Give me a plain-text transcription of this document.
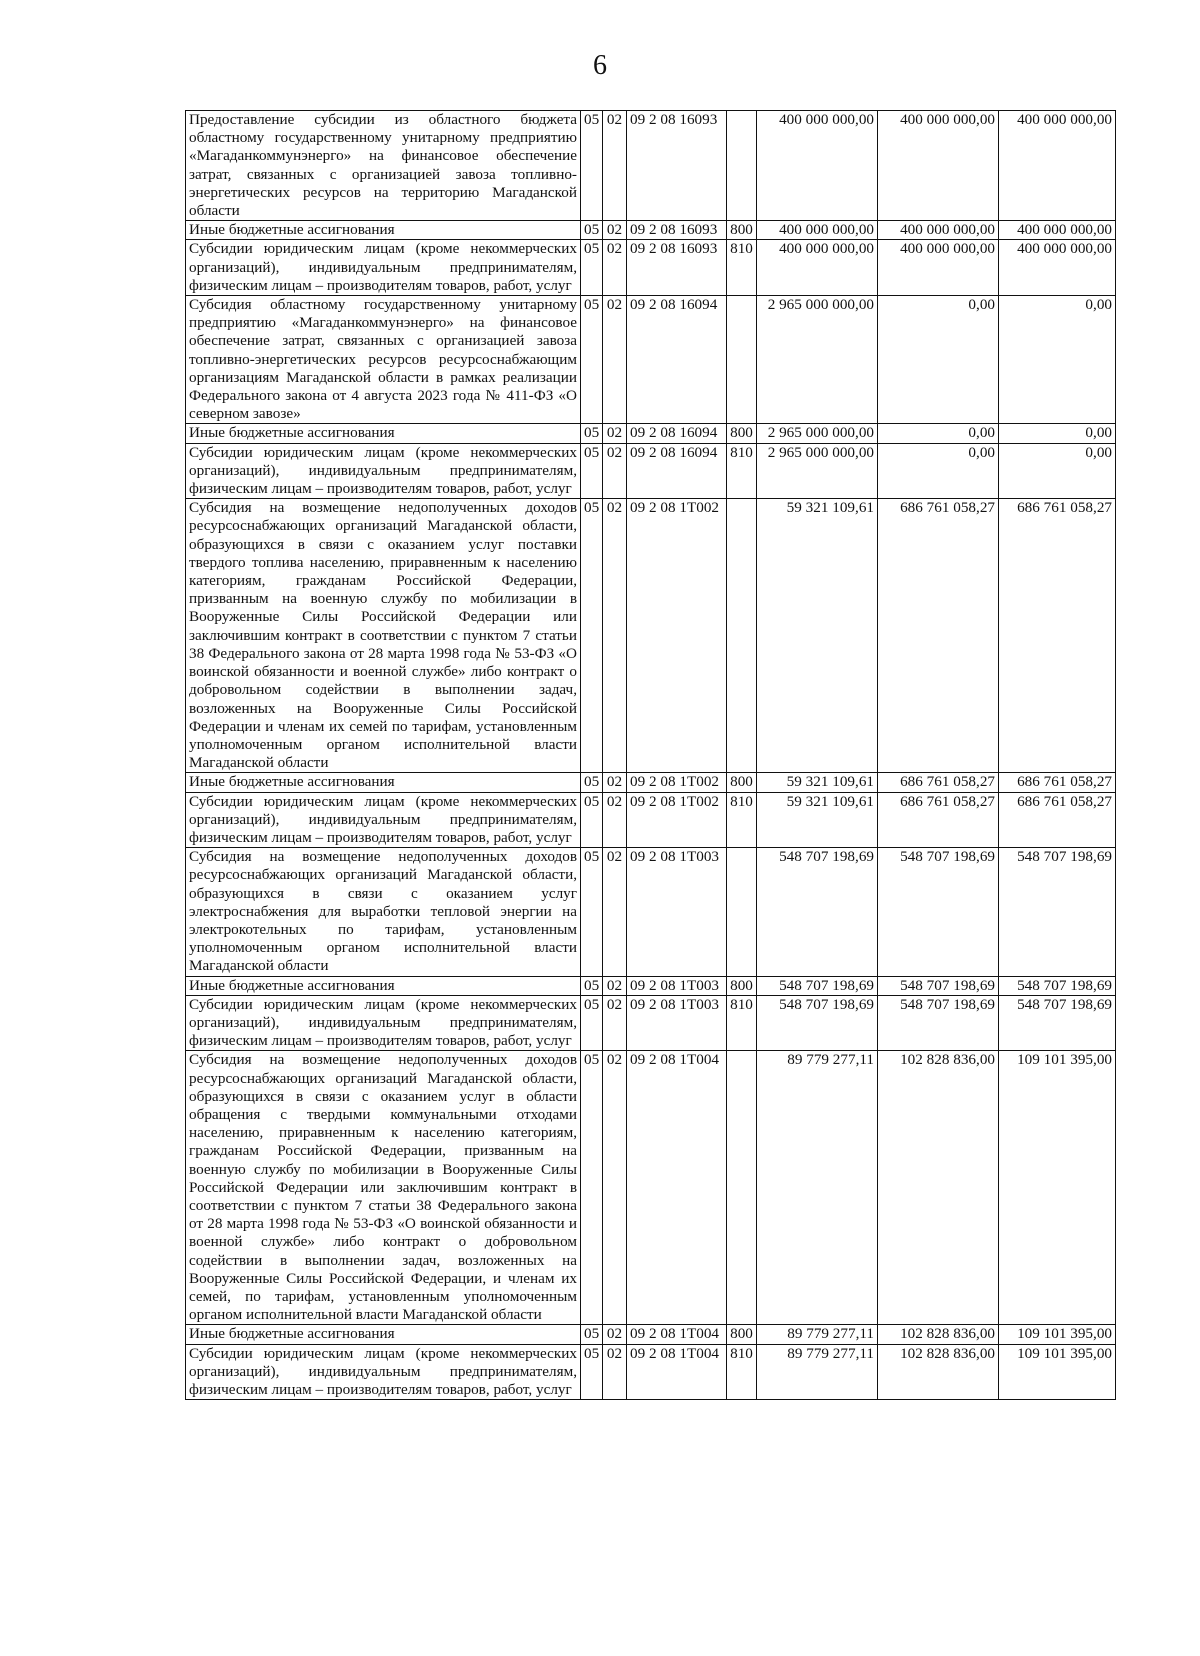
6
Предоставление субсидии из областного бюджета областному государственному унитарному предприятию «Магаданкоммунэнерго» на финансовое обеспечение затрат, связанных с организацией завоза топливно-энергетических ресурсов на территорию Магаданской области	05	02	09 2 08 16093		400 000 000,00	400 000 000,00	400 000 000,00
Иные бюджетные ассигнования	05	02	09 2 08 16093	800	400 000 000,00	400 000 000,00	400 000 000,00
Субсидии юридическим лицам (кроме некоммерческих организаций), индивидуальным предпринимателям, физическим лицам – производителям товаров, работ, услуг	05	02	09 2 08 16093	810	400 000 000,00	400 000 000,00	400 000 000,00
Субсидия областному государственному унитарному предприятию «Магаданкоммунэнерго» на финансовое обеспечение затрат, связанных с организацией завоза топливно-энергетических ресурсов ресурсоснабжающим организациям Магаданской области в рамках реализации Федерального закона от 4 августа 2023 года № 411-ФЗ «О северном завозе»	05	02	09 2 08 16094		2 965 000 000,00	0,00	0,00
Иные бюджетные ассигнования	05	02	09 2 08 16094	800	2 965 000 000,00	0,00	0,00
Субсидии юридическим лицам (кроме некоммерческих организаций), индивидуальным предпринимателям, физическим лицам – производителям товаров, работ, услуг	05	02	09 2 08 16094	810	2 965 000 000,00	0,00	0,00
Субсидия на возмещение недополученных доходов ресурсоснабжающих организаций Магаданской области, образующихся в связи с оказанием услуг поставки твердого топлива населению, приравненным к населению категориям, гражданам Российской Федерации, призванным на военную службу по мобилизации в Вооруженные Силы Российской Федерации или заключившим контракт в соответствии с пунктом 7 статьи 38 Федерального закона от 28 марта 1998 года № 53-ФЗ «О воинской обязанности и военной службе» либо контракт о добровольном содействии в выполнении задач, возложенных на Вооруженные Силы Российской Федерации и членам их семей по тарифам, установленным уполномоченным органом исполнительной власти Магаданской области	05	02	09 2 08 1Т002		59 321 109,61	686 761 058,27	686 761 058,27
Иные бюджетные ассигнования	05	02	09 2 08 1Т002	800	59 321 109,61	686 761 058,27	686 761 058,27
Субсидии юридическим лицам (кроме некоммерческих организаций), индивидуальным предпринимателям, физическим лицам – производителям товаров, работ, услуг	05	02	09 2 08 1Т002	810	59 321 109,61	686 761 058,27	686 761 058,27
Субсидия на возмещение недополученных доходов ресурсоснабжающих организаций Магаданской области, образующихся в связи с оказанием услуг электроснабжения для выработки тепловой энергии на электрокотельных по тарифам, установленным уполномоченным органом исполнительной власти Магаданской области	05	02	09 2 08 1Т003		548 707 198,69	548 707 198,69	548 707 198,69
Иные бюджетные ассигнования	05	02	09 2 08 1Т003	800	548 707 198,69	548 707 198,69	548 707 198,69
Субсидии юридическим лицам (кроме некоммерческих организаций), индивидуальным предпринимателям, физическим лицам – производителям товаров, работ, услуг	05	02	09 2 08 1Т003	810	548 707 198,69	548 707 198,69	548 707 198,69
Субсидия на возмещение недополученных доходов ресурсоснабжающих организаций Магаданской области, образующихся в связи с оказанием услуг в области обращения с твердыми коммунальными отходами населению, приравненным к населению категориям, гражданам Российской Федерации, призванным на военную службу по мобилизации в Вооруженные Силы Российской Федерации или заключившим контракт в соответствии с пунктом 7 статьи 38 Федерального закона от 28 марта 1998 года № 53-ФЗ «О воинской обязанности и военной службе» либо контракт о добровольном содействии в выполнении задач, возложенных на Вооруженные Силы Российской Федерации, и членам их семей, по тарифам, установленным уполномоченным органом исполнительной власти Магаданской области	05	02	09 2 08 1Т004		89 779 277,11	102 828 836,00	109 101 395,00
Иные бюджетные ассигнования	05	02	09 2 08 1Т004	800	89 779 277,11	102 828 836,00	109 101 395,00
Субсидии юридическим лицам (кроме некоммерческих организаций), индивидуальным предпринимателям, физическим лицам – производителям товаров, работ, услуг	05	02	09 2 08 1Т004	810	89 779 277,11	102 828 836,00	109 101 395,00
